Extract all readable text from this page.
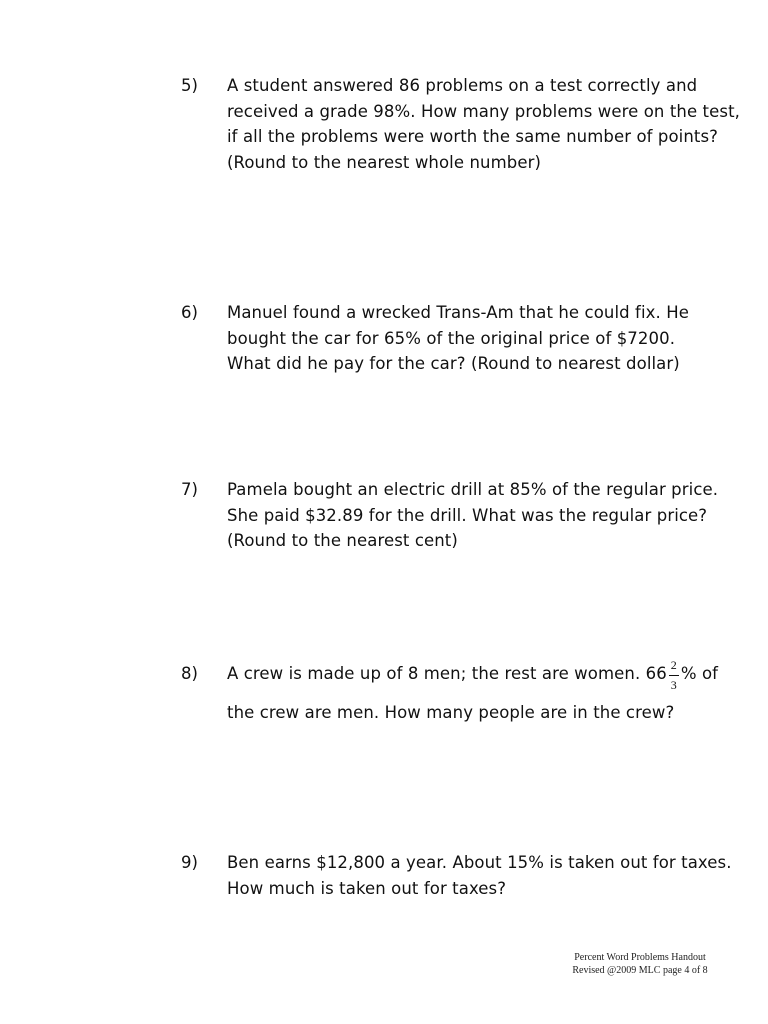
5) A student answered 86 problems on a test correctly and
received a grade 98%. How many problems were on the test,
if all the problems were worth the same number of points?
(Round to the nearest whole number)
6) Manuel found a wrecked Trans-Am that he could fix. He
bought the car for 65% of the original price of $7200.
What did he pay for the car? (Round to nearest dollar)
7) Pamela bought an electric drill at 85% of the regular price.
She paid $32.89 for the drill. What was the regular price?
(Round to the nearest cent)
8) A crew is made up of 8 men; the rest are women. $66 \frac{2}{3}$ % of
the crew are men. How many people are in the crew?
9) Ben earns $12,800 a year. About 15% is taken out for taxes.
How much is taken out for taxes?
Percent Word Problems Handout
Revised @2009 MLC page 4 of 8
